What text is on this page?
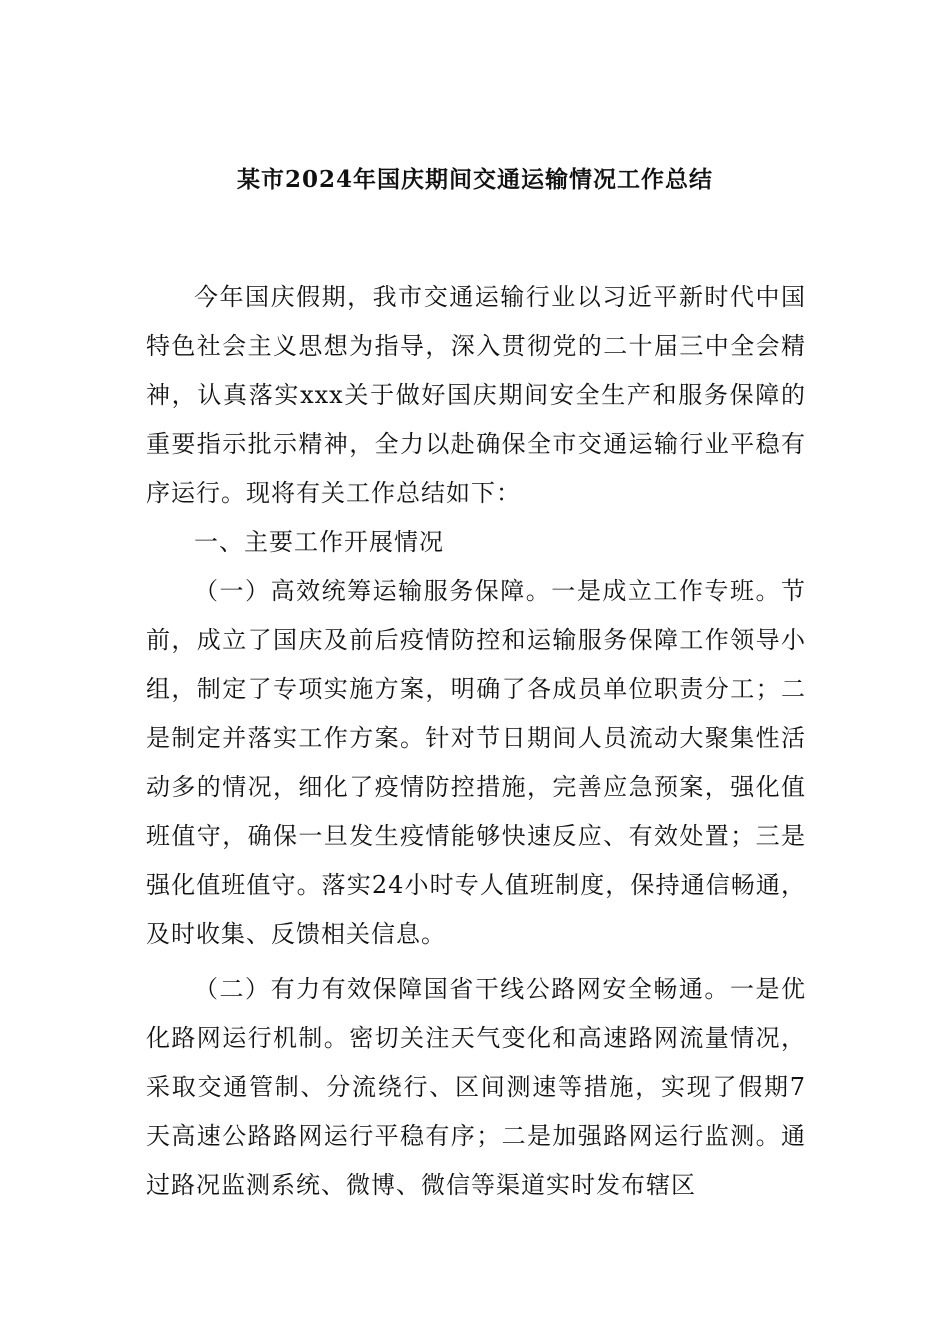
某市2024年国庆期间交通运输情况工作总结

今年国庆假期，我市交通运输行业以习近平新时代中国特色社会主义思想为指导，深入贯彻党的二十届三中全会精神，认真落实xxx关于做好国庆期间安全生产和服务保障的重要指示批示精神，全力以赴确保全市交通运输行业平稳有序运行。现将有关工作总结如下：

一、主要工作开展情况

（一）高效统筹运输服务保障。一是成立工作专班。节前，成立了国庆及前后疫情防控和运输服务保障工作领导小组，制定了专项实施方案，明确了各成员单位职责分工；二是制定并落实工作方案。针对节日期间人员流动大聚集性活动多的情况，细化了疫情防控措施，完善应急预案，强化值班值守，确保一旦发生疫情能够快速反应、有效处置；三是强化值班值守。落实24小时专人值班制度，保持通信畅通，及时收集、反馈相关信息。

（二）有力有效保障国省干线公路网安全畅通。一是优化路网运行机制。密切关注天气变化和高速路网流量情况，采取交通管制、分流绕行、区间测速等措施，实现了假期7天高速公路路网运行平稳有序；二是加强路网运行监测。通过路况监测系统、微博、微信等渠道实时发布辖区
